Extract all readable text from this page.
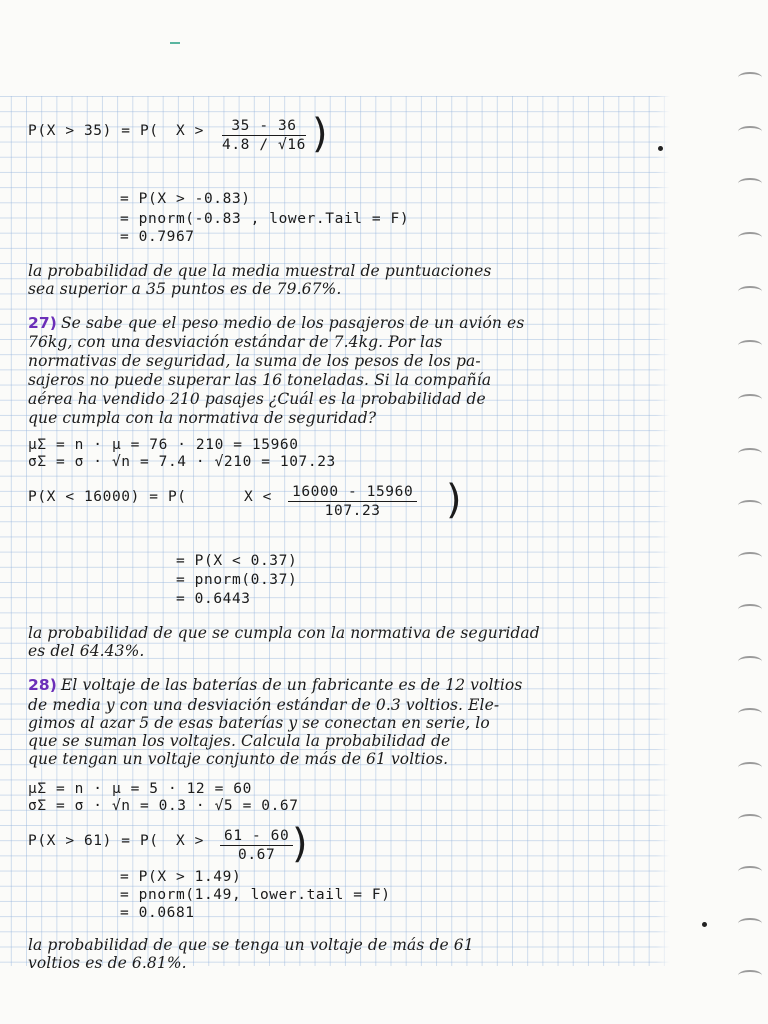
P(X > 35) = P( $X > \frac{35 - 36}{4.8 / √16}$ )
= P(X > -0.83)
= pnorm(-0.83 , lower.Tail = F)
= 0.7967
la probabilidad de que la media muestral de puntuaciones
sea superior a 35 puntos es de 79.67%.
27) Se sabe que el peso medio de los pasajeros de un avión es
76kg, con una desviación estándar de 7.4kg. Por las
normativas de seguridad, la suma de los pesos de los pa-
sajeros no puede superar las 16 toneladas. Si la compañía
aérea ha vendido 210 pasajes ¿Cuál es la probabilidad de
que cumpla con la normativa de seguridad?
μΣ = n · μ = 76 · 210 = 15960
σΣ = σ · √n = 7.4 · √210 = 107.23
P(X < 16000) = P(	$X < \frac{16000 - 15960}{107.23}$ )
= P(X < 0.37)
= pnorm(0.37)
= 0.6443
la probabilidad de que se cumpla con la normativa de seguridad
es del 64.43%.
28) El voltaje de las baterías de un fabricante es de 12 voltios
de media y con una desviación estándar de 0.3 voltios. Ele-
gimos al azar 5 de esas baterías y se conectan en serie, lo
que se suman los voltajes. Calcula la probabilidad de
que tengan un voltaje conjunto de más de 61 voltios.
μΣ = n · μ = 5 · 12 = 60
σΣ = σ · √n = 0.3 · √5 = 0.67
P(X > 61) = P( $X > \frac{61 - 60}{0.67}$
)
= P(X > 1.49)
= pnorm(1.49, lower.tail = F)
= 0.0681
la probabilidad de que se tenga un voltaje de más de 61
voltios es de 6.81%.
